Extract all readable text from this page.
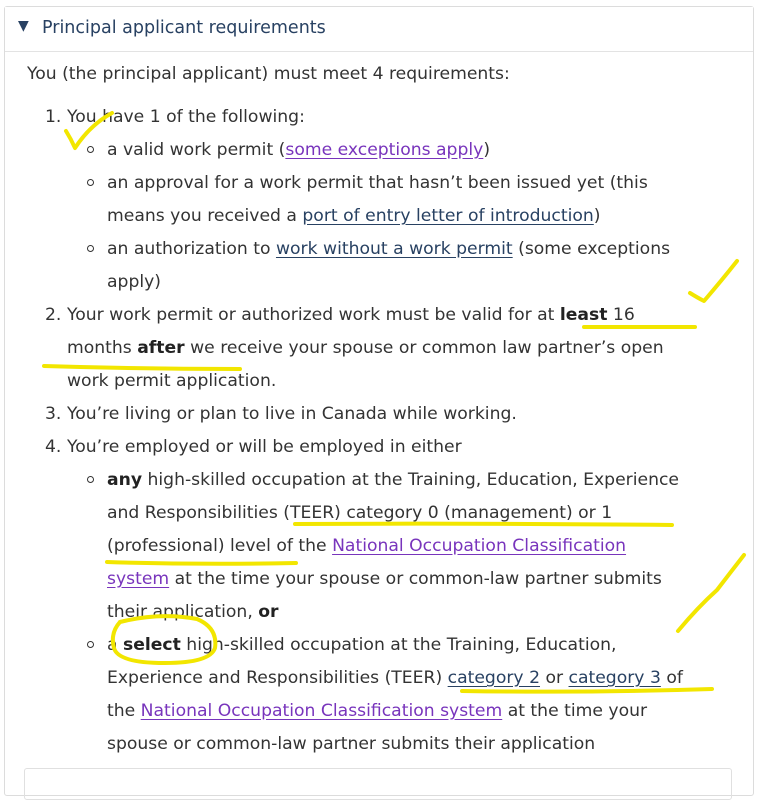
▼ Principal applicant requirements
You (the principal applicant) must meet 4 requirements:
1. You have 1 of the following:
a valid work permit (some exceptions apply)
an approval for a work permit that hasn’t been issued yet (this
means you received a port of entry letter of introduction)
an authorization to work without a work permit (some exceptions
apply)
2. Your work permit or authorized work must be valid for at least 16
months after we receive your spouse or common law partner’s open
work permit application.
3. You’re living or plan to live in Canada while working.
4. You’re employed or will be employed in either
any high-skilled occupation at the Training, Education, Experience
and Responsibilities (TEER) category 0 (management) or 1
(professional) level of the National Occupation Classification
system at the time your spouse or common-law partner submits
their application, or
a select high-skilled occupation at the Training, Education,
Experience and Responsibilities (TEER) category 2 or category 3 of
the National Occupation Classification system at the time your
spouse or common-law partner submits their application
